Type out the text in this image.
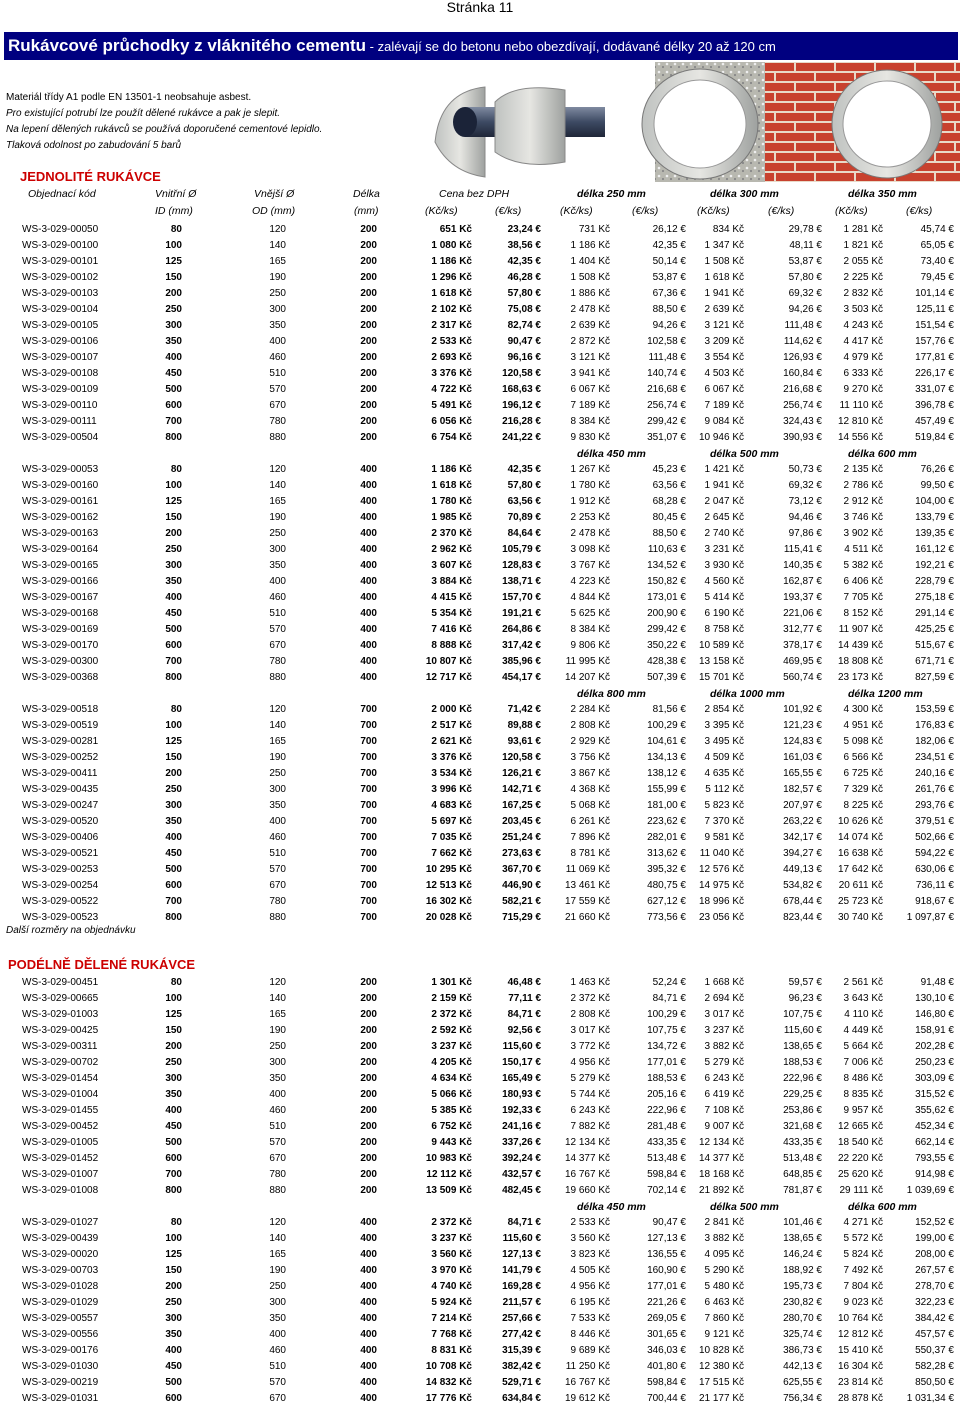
Stránka 11
Rukávcové průchodky z vláknitého cementu - zalévají se do betonu nebo obezdívají, dodávané délky 20 až 120 cm
Materiál třídy A1 podle EN 13501-1 neobsahuje asbest.
Pro existující potrubí lze použít dělené rukávce a pak je slepit.
Na lepení dělených rukávců se používá doporučené cementové lepidlo.
Tlaková odolnost po zabudování 5 barů
JEDNOLITÉ RUKÁVCE
Objednací kód	Vnitřní Ø	Vnější Ø	Délka	Cena bez DPH	délka 250 mm	délka 300 mm	délka 350 mm
ID (mm)	OD (mm)	(mm)	(Kč/ks)	(€/ks)	(Kč/ks)	(€/ks)	(Kč/ks)	(€/ks)	(Kč/ks)	(€/ks)
WS-3-029-00050	80	120	200	651 Kč	23,24 €	731 Kč	26,12 €	834 Kč	29,78 € 1 281 Kč	45,74 €
WS-3-029-00100	100	140	200	1 080 Kč	38,56 €	1 186 Kč	42,35 € 1 347 Kč	48,11 € 1 821 Kč	65,05 €
WS-3-029-00101	125	165	200	1 186 Kč	42,35 €	1 404 Kč	50,14 € 1 508 Kč	53,87 € 2 055 Kč	73,40 €
WS-3-029-00102	150	190	200	1 296 Kč	46,28 €	1 508 Kč	53,87 € 1 618 Kč	57,80 € 2 225 Kč	79,45 €
WS-3-029-00103	200	250	200	1 618 Kč	57,80 €	1 886 Kč	67,36 € 1 941 Kč	69,32 € 2 832 Kč	101,14 €
WS-3-029-00104	250	300	200	2 102 Kč	75,08 €	2 478 Kč	88,50 € 2 639 Kč	94,26 € 3 503 Kč	125,11 €
WS-3-029-00105	300	350	200	2 317 Kč	82,74 €	2 639 Kč	94,26 € 3 121 Kč	111,48 € 4 243 Kč	151,54 €
WS-3-029-00106	350	400	200	2 533 Kč	90,47 €	2 872 Kč	102,58 € 3 209 Kč	114,62 € 4 417 Kč	157,76 €
WS-3-029-00107	400	460	200	2 693 Kč	96,16 €	3 121 Kč	111,48 € 3 554 Kč	126,93 € 4 979 Kč	177,81 €
WS-3-029-00108	450	510	200	3 376 Kč	120,58 €	3 941 Kč	140,74 € 4 503 Kč	160,84 € 6 333 Kč	226,17 €
WS-3-029-00109	500	570	200	4 722 Kč	168,63 €	6 067 Kč	216,68 € 6 067 Kč	216,68 € 9 270 Kč	331,07 €
WS-3-029-00110	600	670	200	5 491 Kč	196,12 €	7 189 Kč	256,74 € 7 189 Kč	256,74 € 11 110 Kč	396,78 €
WS-3-029-00111	700	780	200	6 056 Kč	216,28 €	8 384 Kč	299,42 € 9 084 Kč	324,43 € 12 810 Kč	457,49 €
WS-3-029-00504	800	880	200	6 754 Kč	241,22 €	9 830 Kč	351,07 € 10 946 Kč	390,93 € 14 556 Kč	519,84 €
délka 450 mm	délka 500 mm	délka 600 mm
WS-3-029-00053	80	120	400	1 186 Kč	42,35 €	1 267 Kč	45,23 € 1 421 Kč	50,73 € 2 135 Kč	76,26 €
WS-3-029-00160	100	140	400	1 618 Kč	57,80 €	1 780 Kč	63,56 € 1 941 Kč	69,32 € 2 786 Kč	99,50 €
WS-3-029-00161	125	165	400	1 780 Kč	63,56 €	1 912 Kč	68,28 € 2 047 Kč	73,12 € 2 912 Kč	104,00 €
WS-3-029-00162	150	190	400	1 985 Kč	70,89 €	2 253 Kč	80,45 € 2 645 Kč	94,46 € 3 746 Kč	133,79 €
WS-3-029-00163	200	250	400	2 370 Kč	84,64 €	2 478 Kč	88,50 € 2 740 Kč	97,86 € 3 902 Kč	139,35 €
WS-3-029-00164	250	300	400	2 962 Kč	105,79 €	3 098 Kč	110,63 € 3 231 Kč	115,41 € 4 511 Kč	161,12 €
WS-3-029-00165	300	350	400	3 607 Kč	128,83 €	3 767 Kč	134,52 € 3 930 Kč	140,35 € 5 382 Kč	192,21 €
WS-3-029-00166	350	400	400	3 884 Kč	138,71 €	4 223 Kč	150,82 € 4 560 Kč	162,87 € 6 406 Kč	228,79 €
WS-3-029-00167	400	460	400	4 415 Kč	157,70 €	4 844 Kč	173,01 € 5 414 Kč	193,37 € 7 705 Kč	275,18 €
WS-3-029-00168	450	510	400	5 354 Kč	191,21 €	5 625 Kč	200,90 € 6 190 Kč	221,06 € 8 152 Kč	291,14 €
WS-3-029-00169	500	570	400	7 416 Kč	264,86 €	8 384 Kč	299,42 € 8 758 Kč	312,77 € 11 907 Kč	425,25 €
WS-3-029-00170	600	670	400	8 888 Kč	317,42 €	9 806 Kč	350,22 € 10 589 Kč	378,17 € 14 439 Kč	515,67 €
WS-3-029-00300	700	780	400	10 807 Kč	385,96 € 11 995 Kč	428,38 € 13 158 Kč	469,95 € 18 808 Kč	671,71 €
WS-3-029-00368	800	880	400	12 717 Kč	454,17 € 14 207 Kč	507,39 € 15 701 Kč	560,74 € 23 173 Kč	827,59 €
délka 800 mm	délka 1000 mm	délka 1200 mm
WS-3-029-00518	80	120	700	2 000 Kč	71,42 €	2 284 Kč	81,56 € 2 854 Kč	101,92 € 4 300 Kč	153,59 €
WS-3-029-00519	100	140	700	2 517 Kč	89,88 €	2 808 Kč	100,29 € 3 395 Kč	121,23 € 4 951 Kč	176,83 €
WS-3-029-00281	125	165	700	2 621 Kč	93,61 €	2 929 Kč	104,61 € 3 495 Kč	124,83 € 5 098 Kč	182,06 €
WS-3-029-00252	150	190	700	3 376 Kč	120,58 €	3 756 Kč	134,13 € 4 509 Kč	161,03 € 6 566 Kč	234,51 €
WS-3-029-00411	200	250	700	3 534 Kč	126,21 €	3 867 Kč	138,12 € 4 635 Kč	165,55 € 6 725 Kč	240,16 €
WS-3-029-00435	250	300	700	3 996 Kč	142,71 €	4 368 Kč	155,99 € 5 112 Kč	182,57 € 7 329 Kč	261,76 €
WS-3-029-00247	300	350	700	4 683 Kč	167,25 €	5 068 Kč	181,00 € 5 823 Kč	207,97 € 8 225 Kč	293,76 €
WS-3-029-00520	350	400	700	5 697 Kč	203,45 €	6 261 Kč	223,62 € 7 370 Kč	263,22 € 10 626 Kč	379,51 €
WS-3-029-00406	400	460	700	7 035 Kč	251,24 €	7 896 Kč	282,01 € 9 581 Kč	342,17 € 14 074 Kč	502,66 €
WS-3-029-00521	450	510	700	7 662 Kč	273,63 €	8 781 Kč	313,62 € 11 040 Kč	394,27 € 16 638 Kč	594,22 €
WS-3-029-00253	500	570	700	10 295 Kč	367,70 € 11 069 Kč	395,32 € 12 576 Kč	449,13 € 17 642 Kč	630,06 €
WS-3-029-00254	600	670	700	12 513 Kč	446,90 € 13 461 Kč	480,75 € 14 975 Kč	534,82 € 20 611 Kč	736,11 €
WS-3-029-00522	700	780	700	16 302 Kč	582,21 € 17 559 Kč	627,12 € 18 996 Kč	678,44 € 25 723 Kč	918,67 €
WS-3-029-00523	800	880	700	20 028 Kč	715,29 € 21 660 Kč	773,56 € 23 056 Kč	823,44 € 30 740 Kč 1 097,87 €
Další rozměry na objednávku
PODÉLNĚ DĚLENÉ RUKÁVCE
WS-3-029-00451	80	120	200	1 301 Kč	46,48 €	1 463 Kč	52,24 € 1 668 Kč	59,57 € 2 561 Kč	91,48 €
WS-3-029-00665	100	140	200	2 159 Kč	77,11 €	2 372 Kč	84,71 € 2 694 Kč	96,23 € 3 643 Kč	130,10 €
WS-3-029-01003	125	165	200	2 372 Kč	84,71 €	2 808 Kč	100,29 € 3 017 Kč	107,75 € 4 110 Kč	146,80 €
WS-3-029-00425	150	190	200	2 592 Kč	92,56 €	3 017 Kč	107,75 € 3 237 Kč	115,60 € 4 449 Kč	158,91 €
WS-3-029-00311	200	250	200	3 237 Kč	115,60 €	3 772 Kč	134,72 € 3 882 Kč	138,65 € 5 664 Kč	202,28 €
WS-3-029-00702	250	300	200	4 205 Kč	150,17 €	4 956 Kč	177,01 € 5 279 Kč	188,53 € 7 006 Kč	250,23 €
WS-3-029-01454	300	350	200	4 634 Kč	165,49 €	5 279 Kč	188,53 € 6 243 Kč	222,96 € 8 486 Kč	303,09 €
WS-3-029-01004	350	400	200	5 066 Kč	180,93 €	5 744 Kč	205,16 € 6 419 Kč	229,25 € 8 835 Kč	315,52 €
WS-3-029-01455	400	460	200	5 385 Kč	192,33 €	6 243 Kč	222,96 € 7 108 Kč	253,86 € 9 957 Kč	355,62 €
WS-3-029-00452	450	510	200	6 752 Kč	241,16 €	7 882 Kč	281,48 € 9 007 Kč	321,68 € 12 665 Kč	452,34 €
WS-3-029-01005	500	570	200	9 443 Kč	337,26 € 12 134 Kč	433,35 € 12 134 Kč	433,35 € 18 540 Kč	662,14 €
WS-3-029-01452	600	670	200	10 983 Kč	392,24 € 14 377 Kč	513,48 € 14 377 Kč	513,48 € 22 220 Kč	793,55 €
WS-3-029-01007	700	780	200	12 112 Kč	432,57 € 16 767 Kč	598,84 € 18 168 Kč	648,85 € 25 620 Kč	914,98 €
WS-3-029-01008	800	880	200	13 509 Kč	482,45 € 19 660 Kč	702,14 € 21 892 Kč	781,87 € 29 111 Kč 1 039,69 €
délka 450 mm	délka 500 mm	délka 600 mm
WS-3-029-01027	80	120	400	2 372 Kč	84,71 €	2 533 Kč	90,47 € 2 841 Kč	101,46 € 4 271 Kč	152,52 €
WS-3-029-00439	100	140	400	3 237 Kč	115,60 €	3 560 Kč	127,13 € 3 882 Kč	138,65 € 5 572 Kč	199,00 €
WS-3-029-00020	125	165	400	3 560 Kč	127,13 €	3 823 Kč	136,55 € 4 095 Kč	146,24 € 5 824 Kč	208,00 €
WS-3-029-00703	150	190	400	3 970 Kč	141,79 €	4 505 Kč	160,90 € 5 290 Kč	188,92 € 7 492 Kč	267,57 €
WS-3-029-01028	200	250	400	4 740 Kč	169,28 €	4 956 Kč	177,01 € 5 480 Kč	195,73 € 7 804 Kč	278,70 €
WS-3-029-01029	250	300	400	5 924 Kč	211,57 €	6 195 Kč	221,26 € 6 463 Kč	230,82 € 9 023 Kč	322,23 €
WS-3-029-00557	300	350	400	7 214 Kč	257,66 €	7 533 Kč	269,05 € 7 860 Kč	280,70 € 10 764 Kč	384,42 €
WS-3-029-00556	350	400	400	7 768 Kč	277,42 €	8 446 Kč	301,65 € 9 121 Kč	325,74 € 12 812 Kč	457,57 €
WS-3-029-00176	400	460	400	8 831 Kč	315,39 €	9 689 Kč	346,03 € 10 828 Kč	386,73 € 15 410 Kč	550,37 €
WS-3-029-01030	450	510	400	10 708 Kč	382,42 € 11 250 Kč	401,80 € 12 380 Kč	442,13 € 16 304 Kč	582,28 €
WS-3-029-00219	500	570	400	14 832 Kč	529,71 € 16 767 Kč	598,84 € 17 515 Kč	625,55 € 23 814 Kč	850,50 €
WS-3-029-01031	600	670	400	17 776 Kč	634,84 € 19 612 Kč	700,44 € 21 177 Kč	756,34 € 28 878 Kč 1 031,34 €
